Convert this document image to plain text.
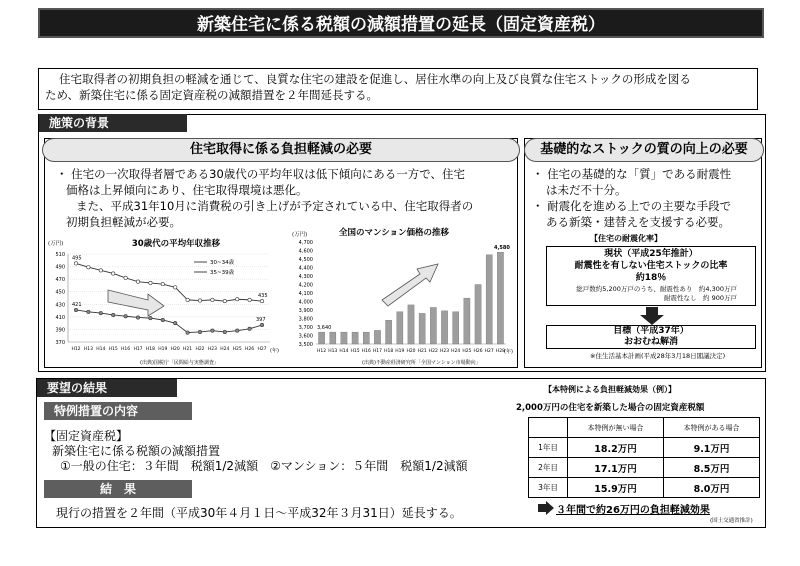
新築住宅に係る税額の減額措置の延長（固定資産税）
住宅取得者の初期負担の軽減を通じて、良質な住宅の建設を促進し、居住水準の向上及び良質な住宅ストックの形成を図る
ため、新築住宅に係る固定資産税の減額措置を２年間延長する。
施策の背景
住宅取得に係る負担軽減の必要
・ 住宅の一次取得者層である30歳代の平均年収は低下傾向にある一方で、住宅
価格は上昇傾向にあり、住宅取得環境は悪化。
また、平成31年10月に消費税の引き上げが予定されている中、住宅取得者の
初期負担軽減が必要。
30歳代の平均年収推移
(万円)
510
490
470
450
430
410
390
370
H12 H13 H14 H15 H16 H17 H18 H19 H20 H21 H22 H23 H24 H25 H26 H27
421
495
397
435
30~34歳
35~39歳
(年)
(出典)国税庁「民間給与実態調査」
全国のマンション価格の推移
(万円)
4,700
4,600
4,500
4,400
4,300
4,200
4,100
4,000
3,900
3,800
3,700
3,600
3,500
H12 H13 H14 H15 H16 H17 H18 H19 H20 H21 H22 H23 H24 H25 H26 H27 H28
3,640
4,580
(年)
(出典)不動産経済研究所「全国マンション市場動向」
基礎的なストックの質の向上の必要
・ 住宅の基礎的な「質」である耐震性
は未だ不十分。
・ 耐震化を進める上での主要な手段で
ある新築・建替えを支援する必要。
【住宅の耐震化率】
現状（平成25年推計）
耐震性を有しない住宅ストックの比率
約18％
総戸数約5,200万戸のうち、耐震性あり　約4,300万戸
耐震性なし　約 900万戸
目標（平成37年）
おおむね解消
※住生活基本計画(平成28年3月18日閣議決定)
要望の結果
特例措置の内容
【固定資産税】
新築住宅に係る税額の減額措置
①一般の住宅：３年間　税額1/2減額　②マンション：５年間　税額1/2減額
結　果
現行の措置を２年間（平成30年４月１日～平成32年３月31日）延長する。
【本特例による負担軽減効果（例）】
2,000万円の住宅を新築した場合の固定資産税額
	本特例が無い場合	本特例がある場合
1年目	18.2万円	9.1万円
2年目	17.1万円	8.5万円
3年目	15.9万円	8.0万円
３年間で約26万円の負担軽減効果
(国土交通省推計)
